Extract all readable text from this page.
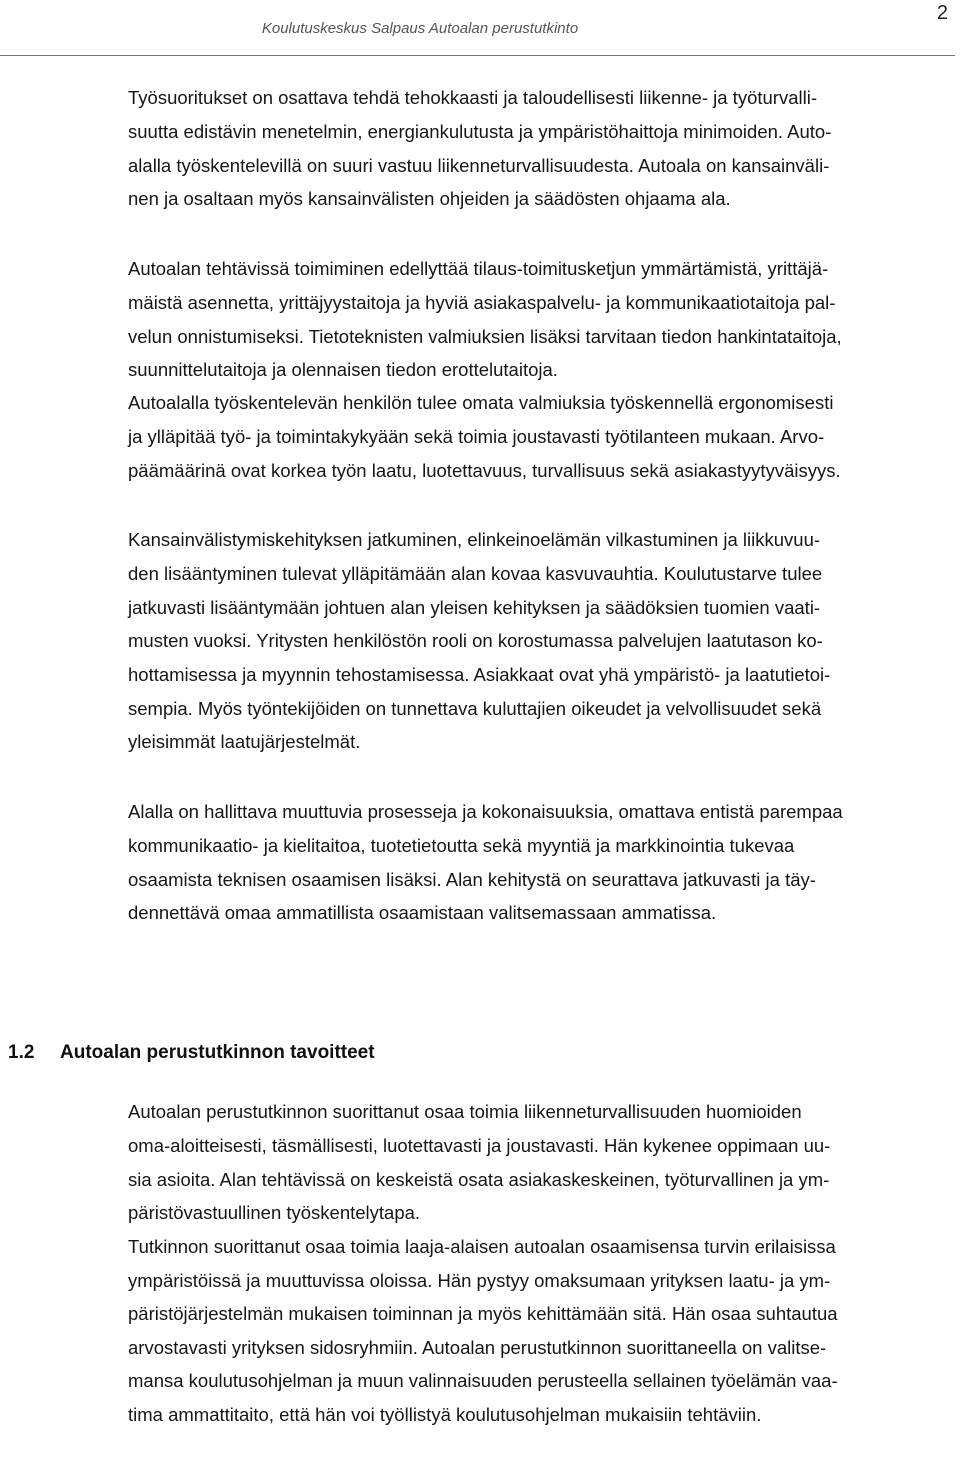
Koulutuskeskus Salpaus Autoalan perustutkinto
2
Työsuoritukset on osattava tehdä tehokkaasti ja taloudellisesti liikenne- ja työturvalli-
suutta edistävin menetelmin, energiankulutusta ja ympäristöhaittoja minimoiden. Auto-
alalla työskentelevillä on suuri vastuu liikenneturvallisuudesta. Autoala on kansainväli-
nen ja osaltaan myös kansainvälisten ohjeiden ja säädösten ohjaama ala.
Autoalan tehtävissä toimiminen edellyttää tilaus-toimitusketjun ymmärtämistä, yrittäjä-
mäistä asennetta, yrittäjyystaitoja ja hyviä asiakaspalvelu- ja kommunikaatiotaitoja pal-
velun onnistumiseksi. Tietoteknisten valmiuksien lisäksi tarvitaan tiedon hankintataitoja,
suunnittelutaitoja ja olennaisen tiedon erottelutaitoja.
Autoalalla työskentelevän henkilön tulee omata valmiuksia työskennellä ergonomisesti
ja ylläpitää työ- ja toimintakykyään sekä toimia joustavasti työtilanteen mukaan. Arvo-
päämäärinä ovat korkea työn laatu, luotettavuus, turvallisuus sekä asiakastyytyväisyys.
Kansainvälistymiskehityksen jatkuminen, elinkeinoelämän vilkastuminen ja liikkuvuu-
den lisääntyminen tulevat ylläpitämään alan kovaa kasvuvauhtia. Koulutustarve tulee
jatkuvasti lisääntymään johtuen alan yleisen kehityksen ja säädöksien tuomien vaati-
musten vuoksi. Yritysten henkilöstön rooli on korostumassa palvelujen laatutason ko-
hottamisessa ja myynnin tehostamisessa. Asiakkaat ovat yhä ympäristö- ja laatutietoi-
sempia. Myös työntekijöiden on tunnettava kuluttajien oikeudet ja velvollisuudet sekä
yleisimmät laatujärjestelmät.
Alalla on hallittava muuttuvia prosesseja ja kokonaisuuksia, omattava entistä parempaa
kommunikaatio- ja kielitaitoa, tuotetietoutta sekä myyntiä ja markkinointia tukevaa
osaamista teknisen osaamisen lisäksi. Alan kehitystä on seurattava jatkuvasti ja täy-
dennettävä omaa ammatillista osaamistaan valitsemassaan ammatissa.
1.2 Autoalan perustutkinnon tavoitteet
Autoalan perustutkinnon suorittanut osaa toimia liikenneturvallisuuden huomioiden
oma-aloitteisesti, täsmällisesti, luotettavasti ja joustavasti. Hän kykenee oppimaan uu-
sia asioita. Alan tehtävissä on keskeistä osata asiakaskeskeinen, työturvallinen ja ym-
päristövastuullinen työskentelytapa.
Tutkinnon suorittanut osaa toimia laaja-alaisen autoalan osaamisensa turvin erilaisissa
ympäristöissä ja muuttuvissa oloissa. Hän pystyy omaksumaan yrityksen laatu- ja ym-
päristöjärjestelmän mukaisen toiminnan ja myös kehittämään sitä. Hän osaa suhtautua
arvostavasti yrityksen sidosryhmiin. Autoalan perustutkinnon suorittaneella on valitse-
mansa koulutusohjelman ja muun valinnaisuuden perusteella sellainen työelämän vaa-
tima ammattitaito, että hän voi työllistyä koulutusohjelman mukaisiin tehtäviin.
